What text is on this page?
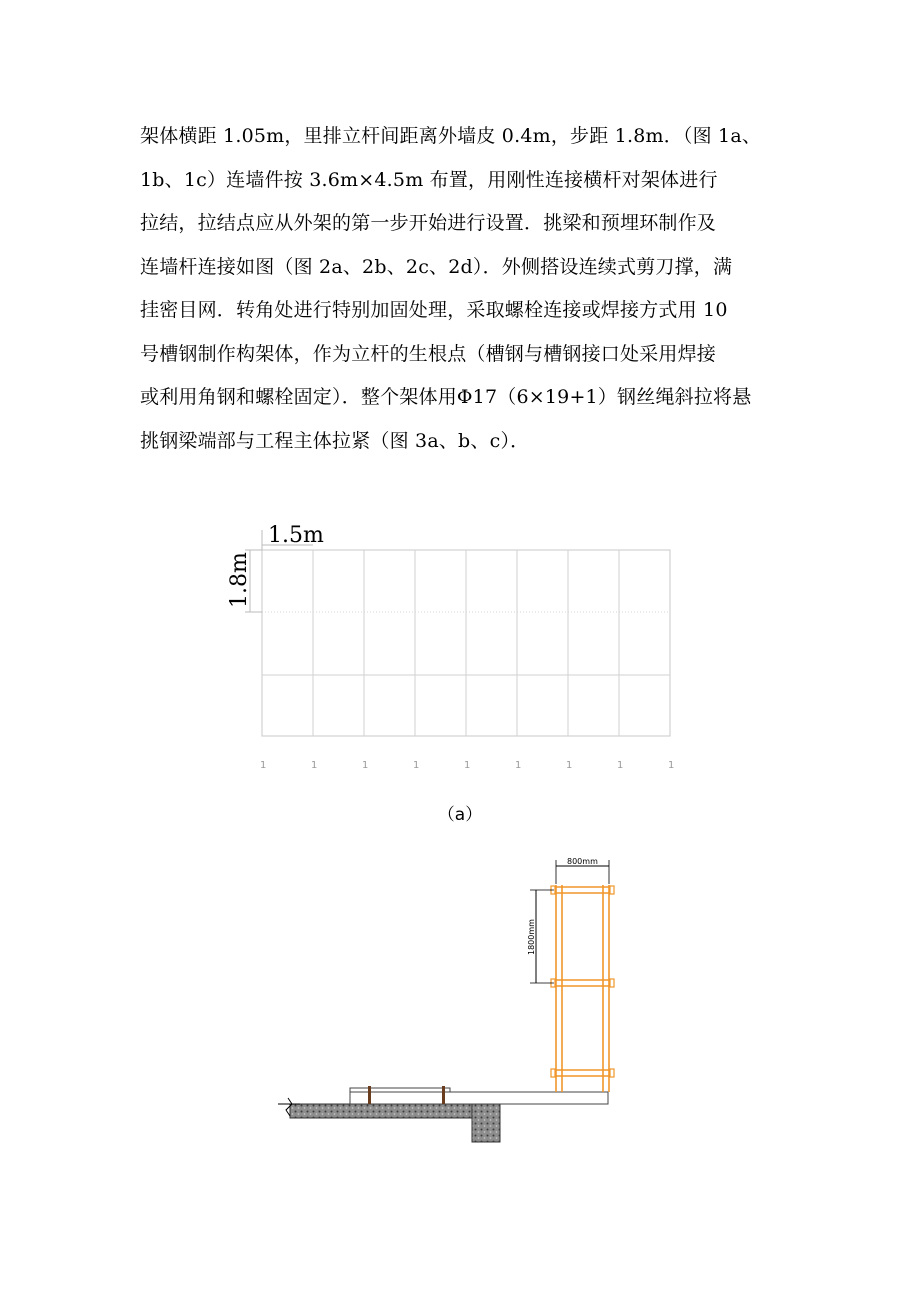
架体横距 1.05m，里排立杆间距离外墙皮 0.4m，步距 1.8m．（图 1a、
1b、1c）连墙件按 3.6m×4.5m 布置，用刚性连接横杆对架体进行
拉结，拉结点应从外架的第一步开始进行设置．挑梁和预埋环制作及
连墙杆连接如图（图 2a、2b、2c、2d）．外侧搭设连续式剪刀撑，满
挂密目网．转角处进行特别加固处理，采取螺栓连接或焊接方式用 10
号槽钢制作构架体，作为立杆的生根点（槽钢与槽钢接口处采用焊接
或利用角钢和螺栓固定）．整个架体用Φ17（6×19+1）钢丝绳斜拉将悬
挑钢梁端部与工程主体拉紧（图 3a、b、c）．
1.5m
1.8m
1	1	1	1	1	1	1	1	1
800mm
1800mm
（a）
